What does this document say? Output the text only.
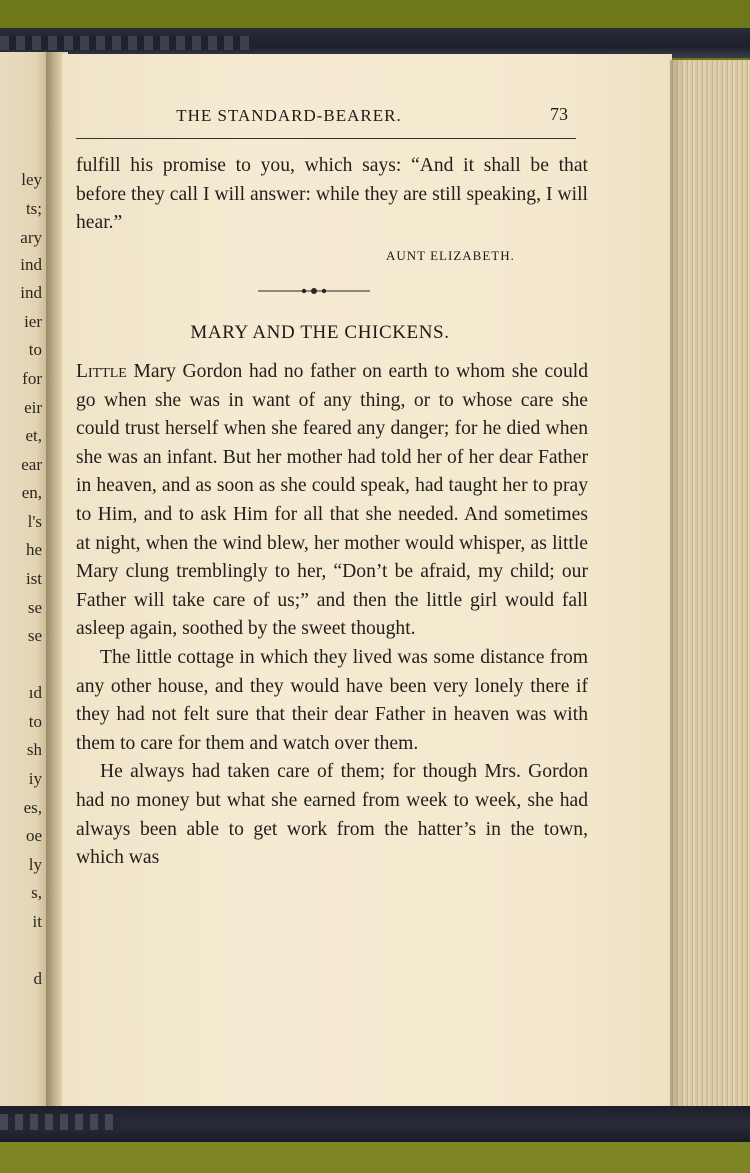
ley
ts;
ary
ind
ind
ier
to
for
eir
et,
ear
en,
l's
he
ist
se
se
ıd
to
sh
iy
es,
oe
ly
s,
it
d
THE STANDARD-BEARER.	73

fulfill his promise to you, which says: “And it shall be that before they call I will answer: while they are still speaking, I will hear.”

AUNT ELIZABETH.
MARY AND THE CHICKENS.

Little Mary Gordon had no father on earth to whom she could go when she was in want of any thing, or to whose care she could trust herself when she feared any danger; for he died when she was an infant. But her mother had told her of her dear Father in heaven, and as soon as she could speak, had taught her to pray to Him, and to ask Him for all that she needed. And sometimes at night, when the wind blew, her mother would whisper, as little Mary clung tremblingly to her, “Don’t be afraid, my child; our Father will take care of us;” and then the little girl would fall asleep again, soothed by the sweet thought.

The little cottage in which they lived was some distance from any other house, and they would have been very lonely there if they had not felt sure that their dear Father in heaven was with them to care for them and watch over them.

He always had taken care of them; for though Mrs. Gordon had no money but what she earned from week to week, she had always been able to get work from the hatter’s in the town, which was
